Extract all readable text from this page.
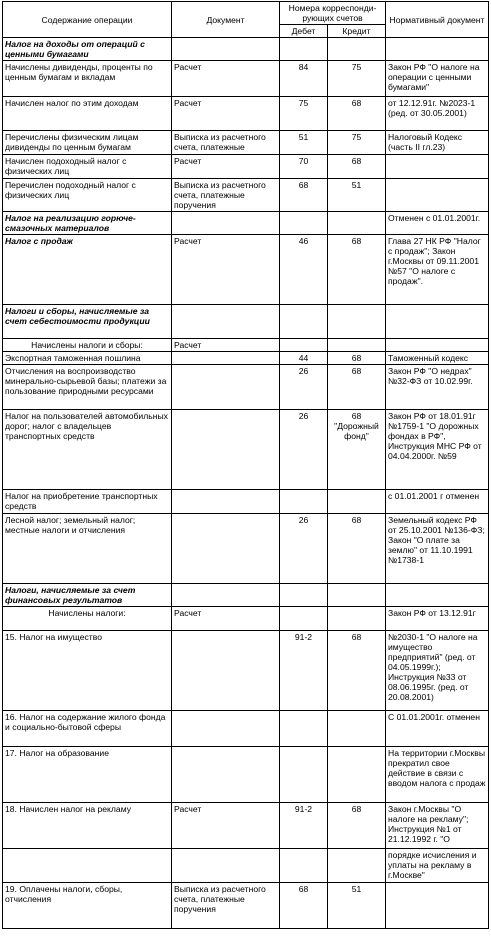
Содержание операции	Документ	Номера корреспонди-рующих счетов		Нормативный документ
		Дебет	Кредит	
Налог на доходы от операций с ценными бумагами				
Начислены дивиденды, проценты по ценным бумагам и вкладам	Расчет	84	75	Закон РФ "О налоге на операции с ценными бумагами"
Начислен налог по этим доходам	Расчет	75	68	от 12.12.91г. №2023-1 (ред. от 30.05.2001)
Перечислены физическим лицам дивиденды по ценным бумагам	Выписка из расчетного счета, платежные	51	75	Налоговый Кодекс (часть II гл.23)
Начислен подоходный налог с физических лиц	Расчет	70	68	
Перечислен подоходный налог с физических лиц	Выписка из расчетного счета, платежные поручения	68	51	
Налог на реализацию горюче-смазочных материалов				Отменен с 01.01.2001г.
Налог с продаж	Расчет	46	68	Глава 27 НК РФ "Налог с продаж"; Закон г.Москвы от 09.11.2001 №57 "О налоге с продаж".
Налоги и сборы, начисляемые за счет себестоимости продукции				
Начислены налоги и сборы:	Расчет			
Экспортная таможенная пошлина		44	68	Таможенный кодекс
Отчисления на воспроизводство минерально-сырьевой базы; платежи за пользование природными ресурсами		26	68	Закон РФ "О недрах" №32-ФЗ от 10.02.99г.
Налог на пользователей автомобильных дорог; налог с владельцев транспортных средств		26	68 "Дорожный фонд"	Закон РФ от 18.01.91г №1759-1 "О дорожных фондах в РФ", Инструкция МНС РФ от 04.04.2000г. №59
Налог на приобретение транспортных средств				с 01.01.2001 г отменен
Лесной налог; земельный налог; местные налоги и отчисления		26	68	Земельный кодекс РФ от 25.10.2001 №136-ФЗ; Закон "О плате за землю" от 11.10.1991 №1738-1
Налоги, начисляемые за счет финансовых результатов				
Начислены налоги:	Расчет			Закон РФ от 13.12.91г
15. Налог на имущество		91-2	68	№2030-1 "О налоге на имущество предприятий" (ред. от 04.05.1999г.); Инструкция №33 от 08.06.1995г. (ред. от 20.08.2001)
16. Налог на содержание жилого фонда и социально-бытовой сферы				С 01.01.2001г. отменен
17. Налог на образование				На территории г.Москвы прекратил свое действие в связи с вводом налога с продаж
18. Начислен налог на рекламу	Расчет	91-2	68	Закон г.Москвы "О налоге на рекламу"; Инструкция №1 от 21.12.1992 г. "О
				порядке исчисления и уплаты на рекламу в г.Москве"
19. Оплачены налоги, сборы, отчисления	Выписка из расчетного счета, платежные поручения	68	51	
